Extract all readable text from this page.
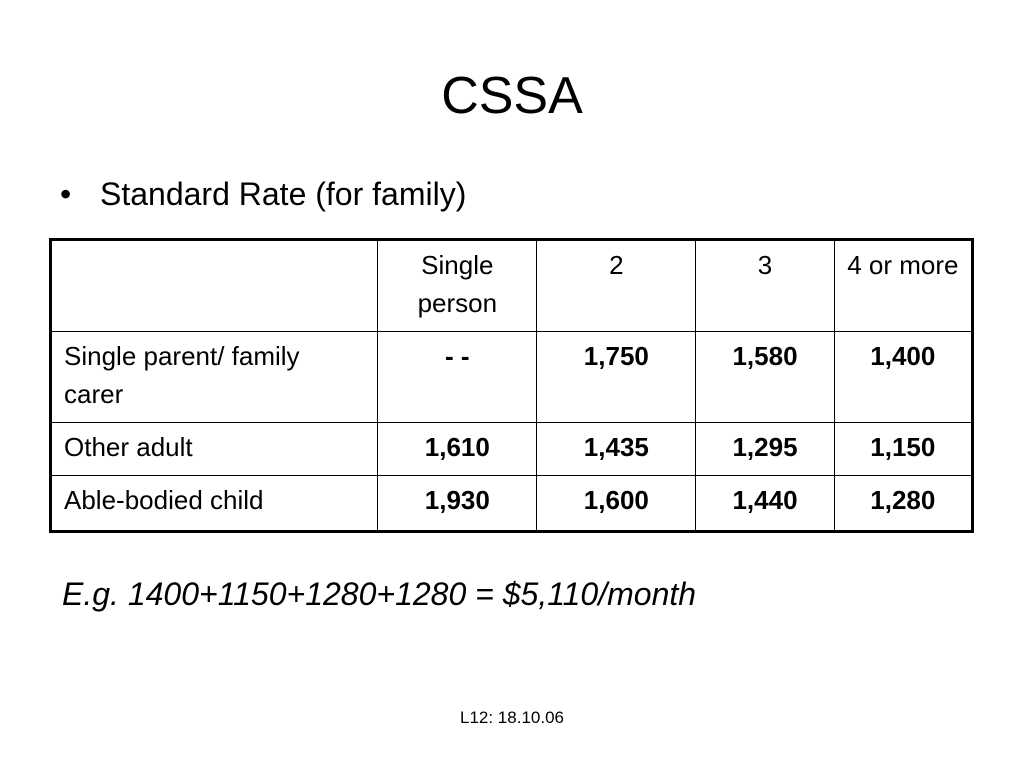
CSSA
• Standard Rate (for family)
	Single person	2	3	4 or more
Single parent/ family carer	- -	1,750	1,580	1,400
Other adult	1,610	1,435	1,295	1,150
Able-bodied child	1,930	1,600	1,440	1,280
E.g. 1400+1150+1280+1280 = $5,110/month
L12: 18.10.06
